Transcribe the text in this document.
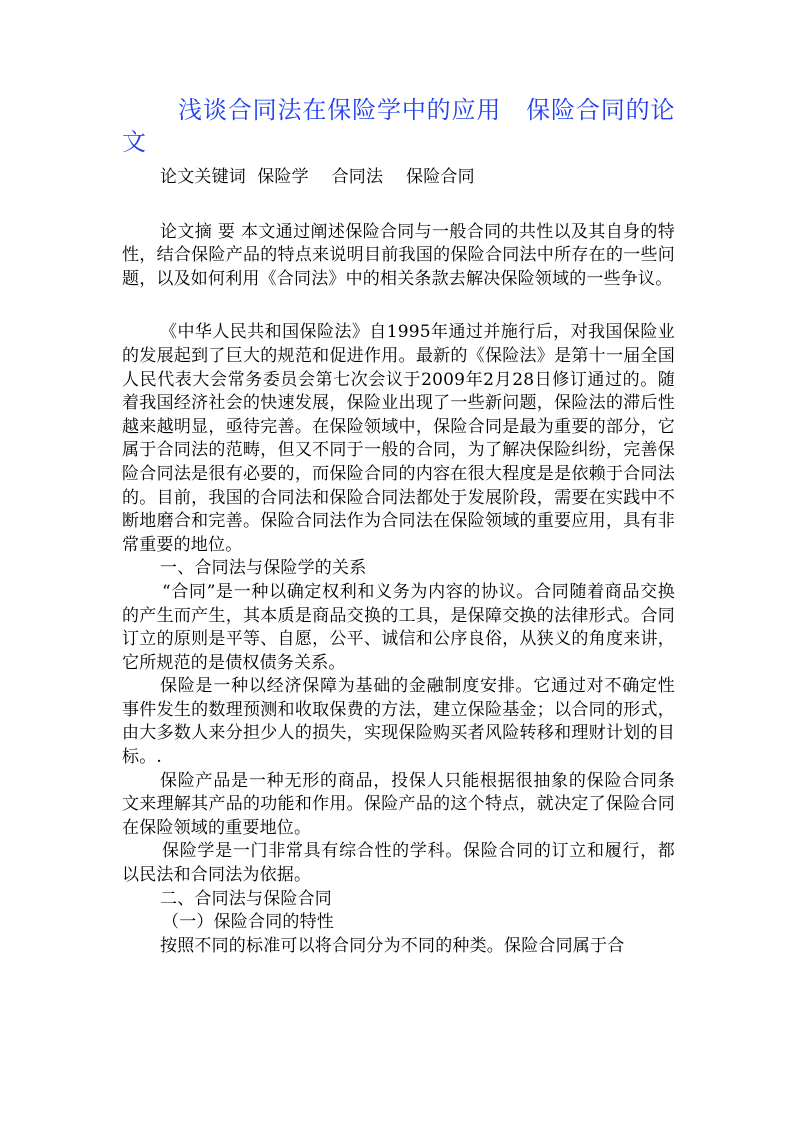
浅谈合同法在保险学中的应用　保险合同的论文

论文关键词  保险学　 合同法　 保险合同

论文摘 要 本文通过阐述保险合同与一般合同的共性以及其自身的特性，结合保险产品的特点来说明目前我国的保险合同法中所存在的一些问题，以及如何利用《合同法》中的相关条款去解决保险领域的一些争议。

《中华人民共和国保险法》自1995年通过并施行后，对我国保险业的发展起到了巨大的规范和促进作用。最新的《保险法》是第十一届全国人民代表大会常务委员会第七次会议于2009年2月28日修订通过的。随着我国经济社会的快速发展，保险业出现了一些新问题，保险法的滞后性越来越明显，亟待完善。在保险领域中，保险合同是最为重要的部分，它属于合同法的范畴，但又不同于一般的合同，为了解决保险纠纷，完善保险合同法是很有必要的，而保险合同的内容在很大程度是是依赖于合同法的。目前，我国的合同法和保险合同法都处于发展阶段，需要在实践中不断地磨合和完善。保险合同法作为合同法在保险领域的重要应用，具有非常重要的地位。

一、合同法与保险学的关系

“合同”是一种以确定权利和义务为内容的协议。合同随着商品交换的产生而产生，其本质是商品交换的工具，是保障交换的法律形式。合同订立的原则是平等、自愿，公平、诚信和公序良俗，从狭义的角度来讲，它所规范的是债权债务关系。

保险是一种以经济保障为基础的金融制度安排。它通过对不确定性事件发生的数理预测和收取保费的方法，建立保险基金；以合同的形式，由大多数人来分担少人的损失，实现保险购买者风险转移和理财计划的目标。.

保险产品是一种无形的商品，投保人只能根据很抽象的保险合同条文来理解其产品的功能和作用。保险产品的这个特点，就决定了保险合同在保险领域的重要地位。

保险学是一门非常具有综合性的学科。保险合同的订立和履行，都以民法和合同法为依据。

二、合同法与保险合同

（一）保险合同的特性

按照不同的标准可以将合同分为不同的种类。保险合同属于合
